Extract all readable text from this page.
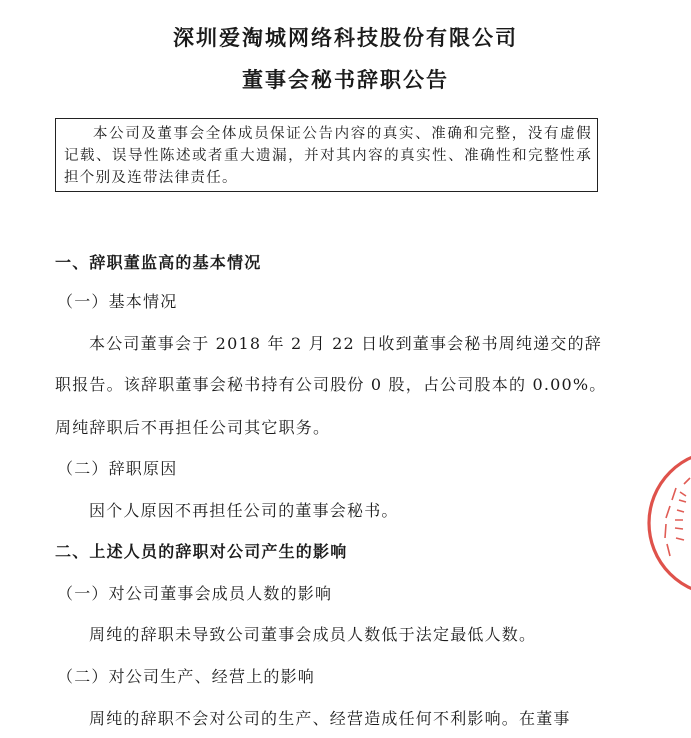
深圳爱淘城网络科技股份有限公司
董事会秘书辞职公告
本公司及董事会全体成员保证公告内容的真实、准确和完整，没有虚假记载、误导性陈述或者重大遗漏，并对其内容的真实性、准确性和完整性承担个别及连带法律责任。
一、辞职董监高的基本情况
（一）基本情况
本公司董事会于 2018 年 2 月 22 日收到董事会秘书周纯递交的辞
职报告。该辞职董事会秘书持有公司股份 0 股，占公司股本的 0.00%。
周纯辞职后不再担任公司其它职务。
（二）辞职原因
因个人原因不再担任公司的董事会秘书。
二、上述人员的辞职对公司产生的影响
（一）对公司董事会成员人数的影响
周纯的辞职未导致公司董事会成员人数低于法定最低人数。
（二）对公司生产、经营上的影响
周纯的辞职不会对公司的生产、经营造成任何不利影响。在董事
